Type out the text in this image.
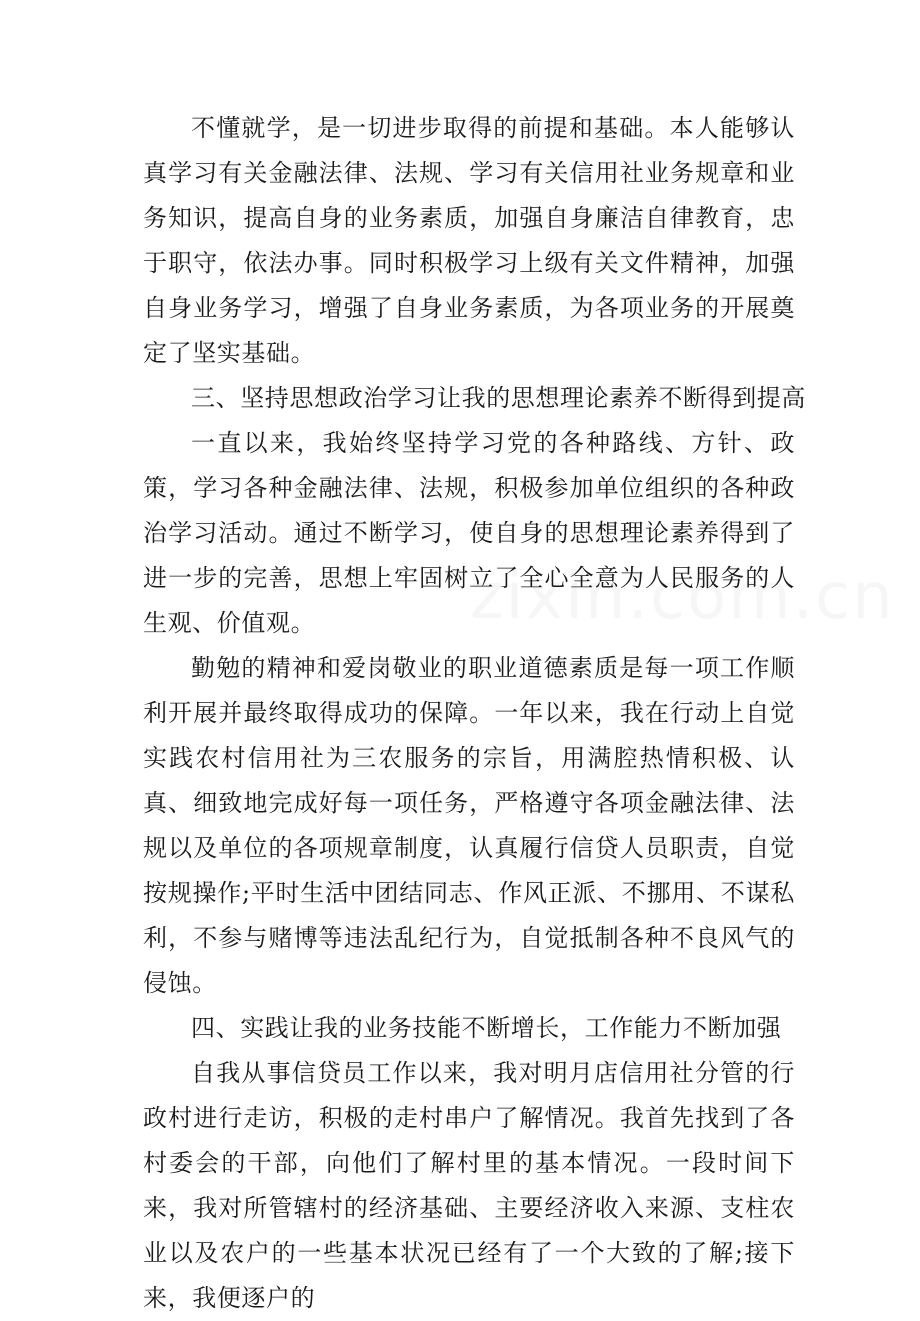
不懂就学，是一切进步取得的前提和基础。本人能够认真学习有关金融法律、法规、学习有关信用社业务规章和业务知识，提高自身的业务素质，加强自身廉洁自律教育，忠于职守，依法办事。同时积极学习上级有关文件精神，加强自身业务学习，增强了自身业务素质，为各项业务的开展奠定了坚实基础。

三、坚持思想政治学习让我的思想理论素养不断得到提高

一直以来，我始终坚持学习党的各种路线、方针、政策，学习各种金融法律、法规，积极参加单位组织的各种政治学习活动。通过不断学习，使自身的思想理论素养得到了进一步的完善，思想上牢固树立了全心全意为人民服务的人生观、价值观。

勤勉的精神和爱岗敬业的职业道德素质是每一项工作顺利开展并最终取得成功的保障。一年以来，我在行动上自觉实践农村信用社为三农服务的宗旨，用满腔热情积极、认真、细致地完成好每一项任务，严格遵守各项金融法律、法规以及单位的各项规章制度，认真履行信贷人员职责，自觉按规操作;平时生活中团结同志、作风正派、不挪用、不谋私利，不参与赌博等违法乱纪行为，自觉抵制各种不良风气的侵蚀。

四、实践让我的业务技能不断增长，工作能力不断加强

自我从事信贷员工作以来，我对明月店信用社分管的行政村进行走访，积极的走村串户了解情况。我首先找到了各村委会的干部，向他们了解村里的基本情况。一段时间下来，我对所管辖村的经济基础、主要经济收入来源、支柱农业以及农户的一些基本状况已经有了一个大致的了解;接下来，我便逐户的
